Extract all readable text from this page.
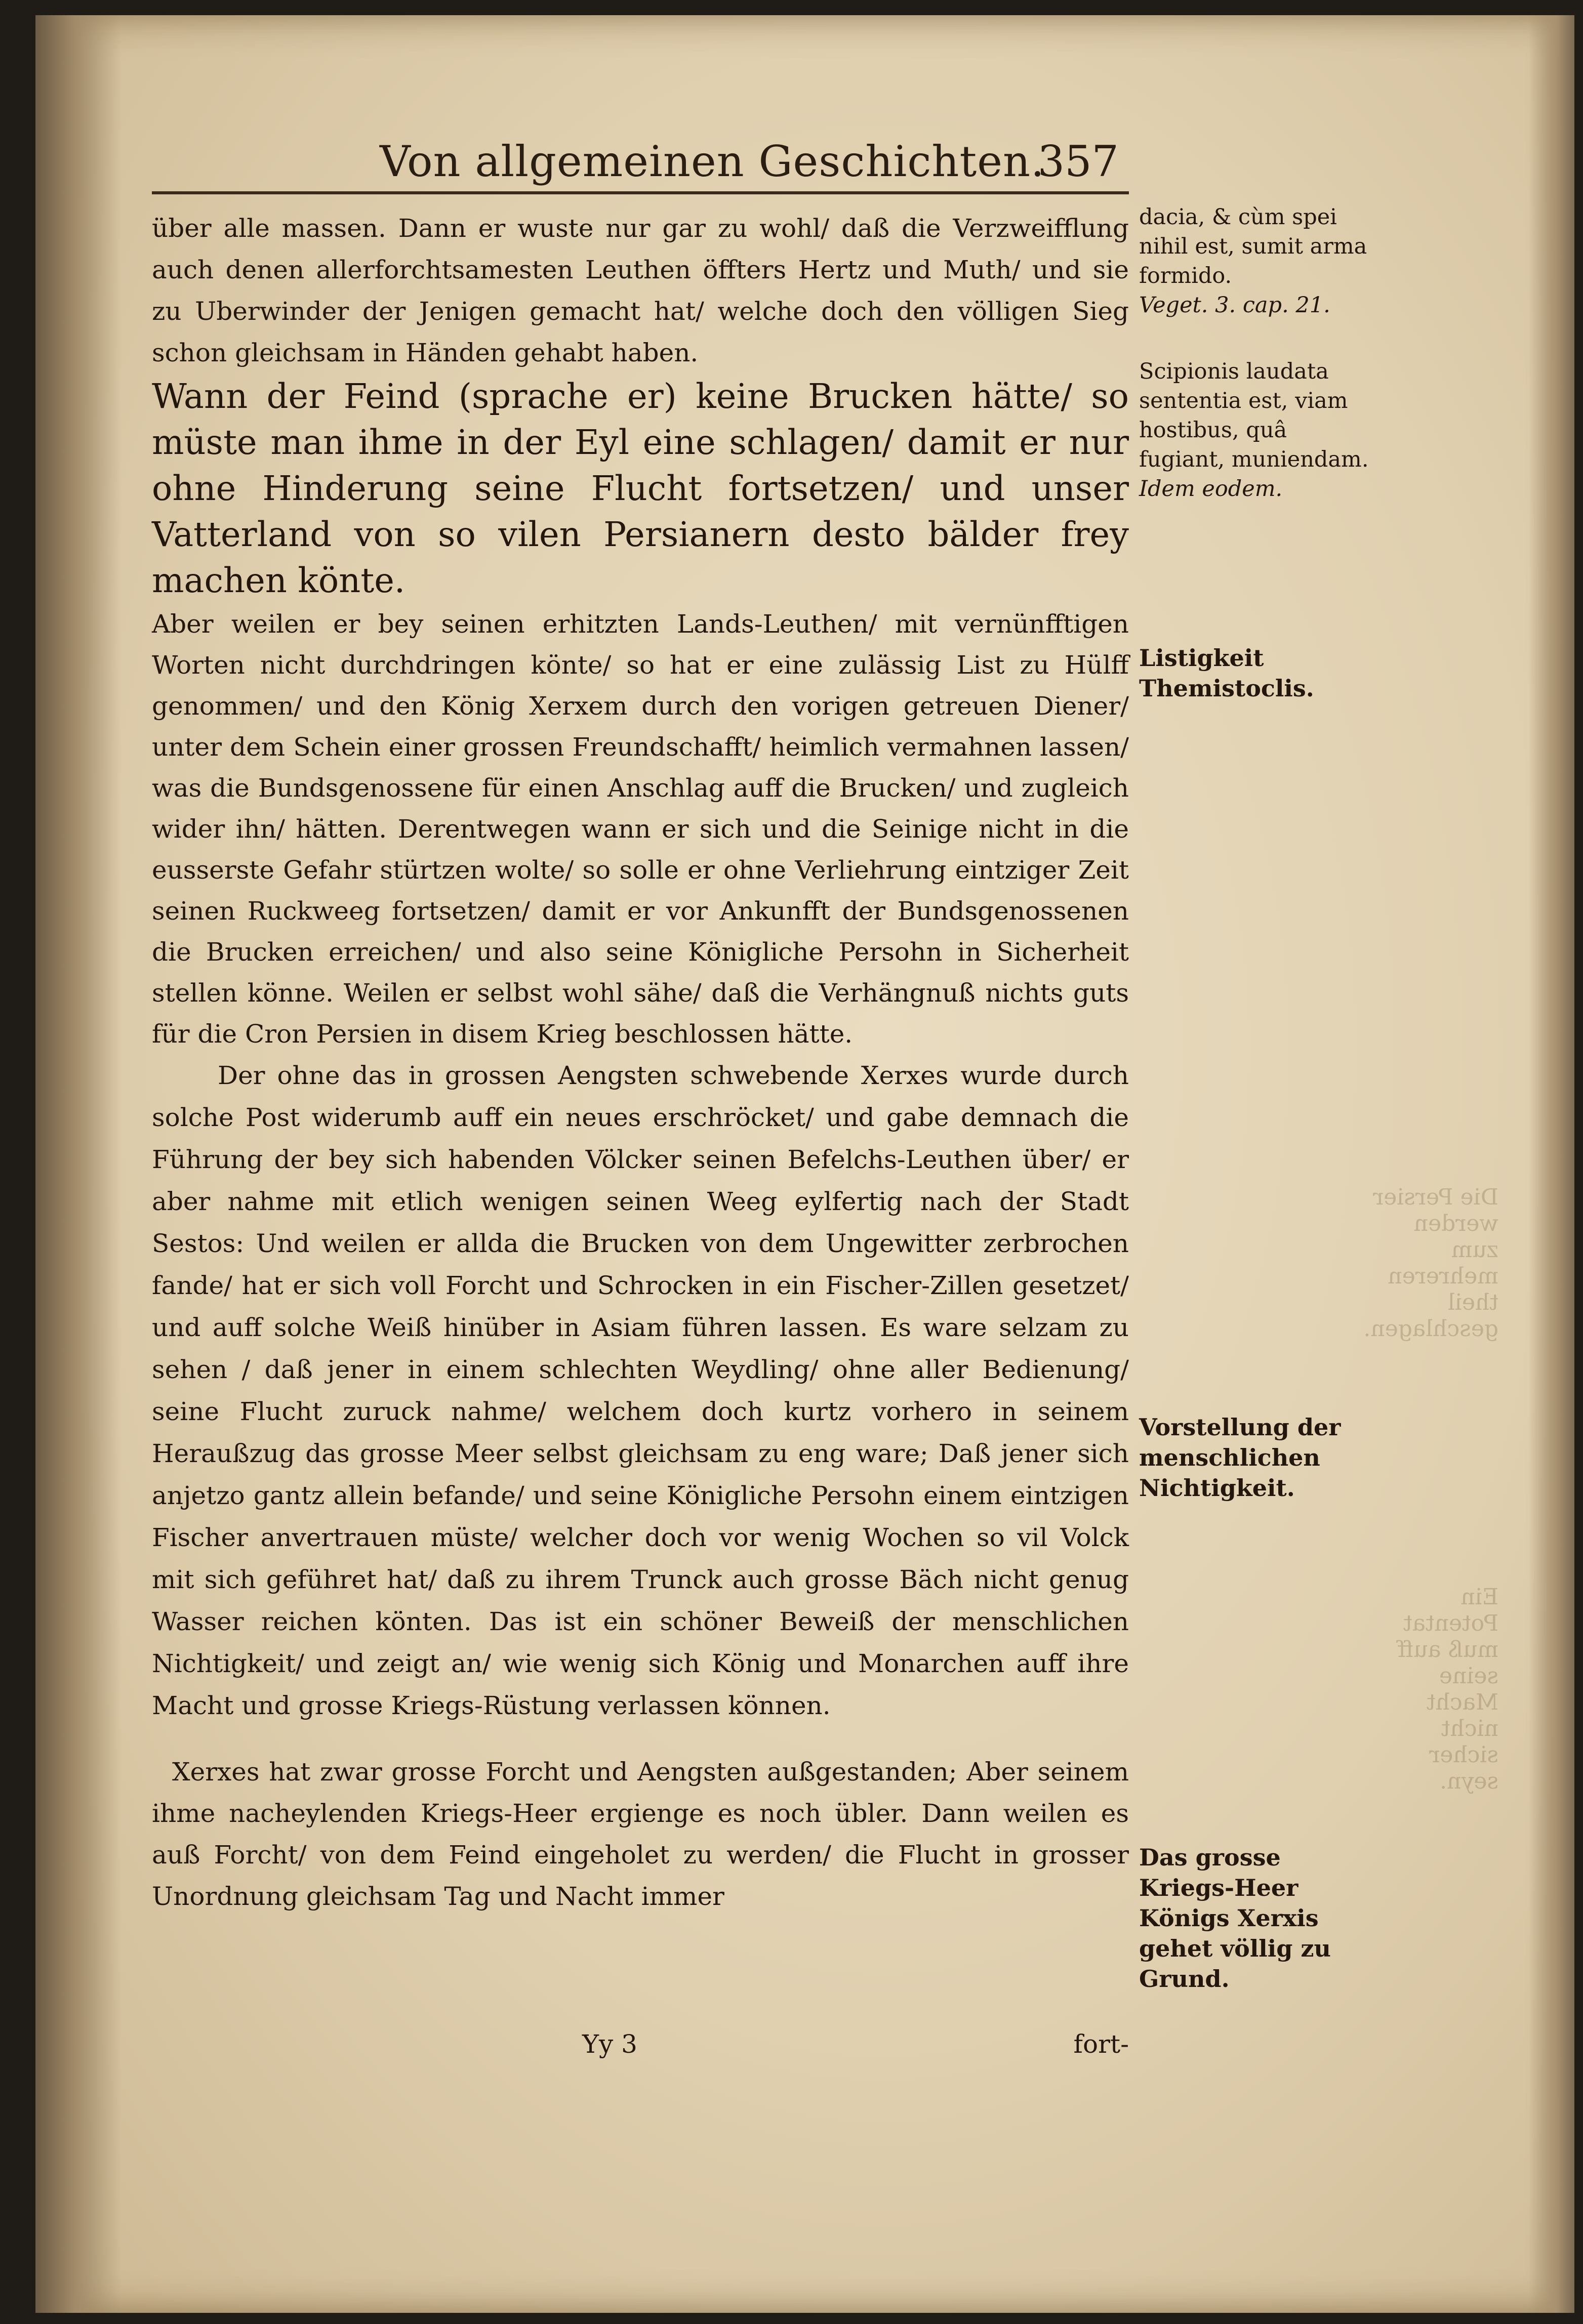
Von allgemeinen Geschichten.
357

über alle massen. Dann er wuste nur gar zu wohl/ daß die Verzweifflung auch denen allerforchtsamesten Leuthen öffters Hertz und Muth/ und sie zu Uberwinder der Jenigen gemacht hat/ welche doch den völligen Sieg schon gleichsam in Händen gehabt haben.

Wann der Feind (sprache er) keine Brucken hätte/ so müste man ihme in der Eyl eine schlagen/ damit er nur ohne Hinderung seine Flucht fortsetzen/ und unser Vatterland von so vilen Persianern desto bälder frey machen könte.

Aber weilen er bey seinen erhitzten Lands-Leuthen/ mit vernünfftigen Worten nicht durchdringen könte/ so hat er eine zulässig List zu Hülff genommen/ und den König Xerxem durch den vorigen getreuen Diener/ unter dem Schein einer grossen Freundschafft/ heimlich vermahnen lassen/ was die Bundsgenossene für einen Anschlag auff die Brucken/ und zugleich wider ihn/ hätten. Derentwegen wann er sich und die Seinige nicht in die eusserste Gefahr stürtzen wolte/ so solle er ohne Verliehrung eintziger Zeit seinen Ruckweeg fortsetzen/ damit er vor Ankunfft der Bundsgenossenen die Brucken erreichen/ und also seine Königliche Persohn in Sicherheit stellen könne. Weilen er selbst wohl sähe/ daß die Verhängnuß nichts guts für die Cron Persien in disem Krieg beschlossen hätte.

Der ohne das in grossen Aengsten schwebende Xerxes wurde durch solche Post widerumb auff ein neues erschröcket/ und gabe demnach die Führung der bey sich habenden Völcker seinen Befelchs-Leuthen über/ er aber nahme mit etlich wenigen seinen Weeg eylfertig nach der Stadt Sestos: Und weilen er allda die Brucken von dem Ungewitter zerbrochen fande/ hat er sich voll Forcht und Schrocken in ein Fischer-Zillen gesetzet/ und auff solche Weiß hinüber in Asiam führen lassen. Es ware selzam zu sehen / daß jener in einem schlechten Weydling/ ohne aller Bedienung/ seine Flucht zuruck nahme/ welchem doch kurtz vorhero in seinem Heraußzug das grosse Meer selbst gleichsam zu eng ware; Daß jener sich anjetzo gantz allein befande/ und seine Königliche Persohn einem eintzigen Fischer anvertrauen müste/ welcher doch vor wenig Wochen so vil Volck mit sich geführet hat/ daß zu ihrem Trunck auch grosse Bäch nicht genug Wasser reichen könten. Das ist ein schöner Beweiß der menschlichen Nichtigkeit/ und zeigt an/ wie wenig sich König und Monarchen auff ihre Macht und grosse Kriegs-Rüstung verlassen können.

Xerxes hat zwar grosse Forcht und Aengsten außgestanden; Aber seinem ihme nacheylenden Kriegs-Heer ergienge es noch übler. Dann weilen es auß Forcht/ von dem Feind eingeholet zu werden/ die Flucht in grosser Unordnung gleichsam Tag und Nacht immer

Yy 3	fort-
dacia, & cùm spei nihil est, sumit arma formido.
Veget. 3. cap. 21.
Scipionis laudata sententia est, viam hostibus, quâ fugiant, muniendam.
Idem eodem.
Listigkeit Themistoclis.
Vorstellung der menschlichen Nichtigkeit.
Das grosse Kriegs-Heer Königs Xerxis gehet völlig zu Grund.
Die Persier werden zum mehreren theil geschlagen.
Ein Potentat muß auff seine Macht nicht sicher seyn.
